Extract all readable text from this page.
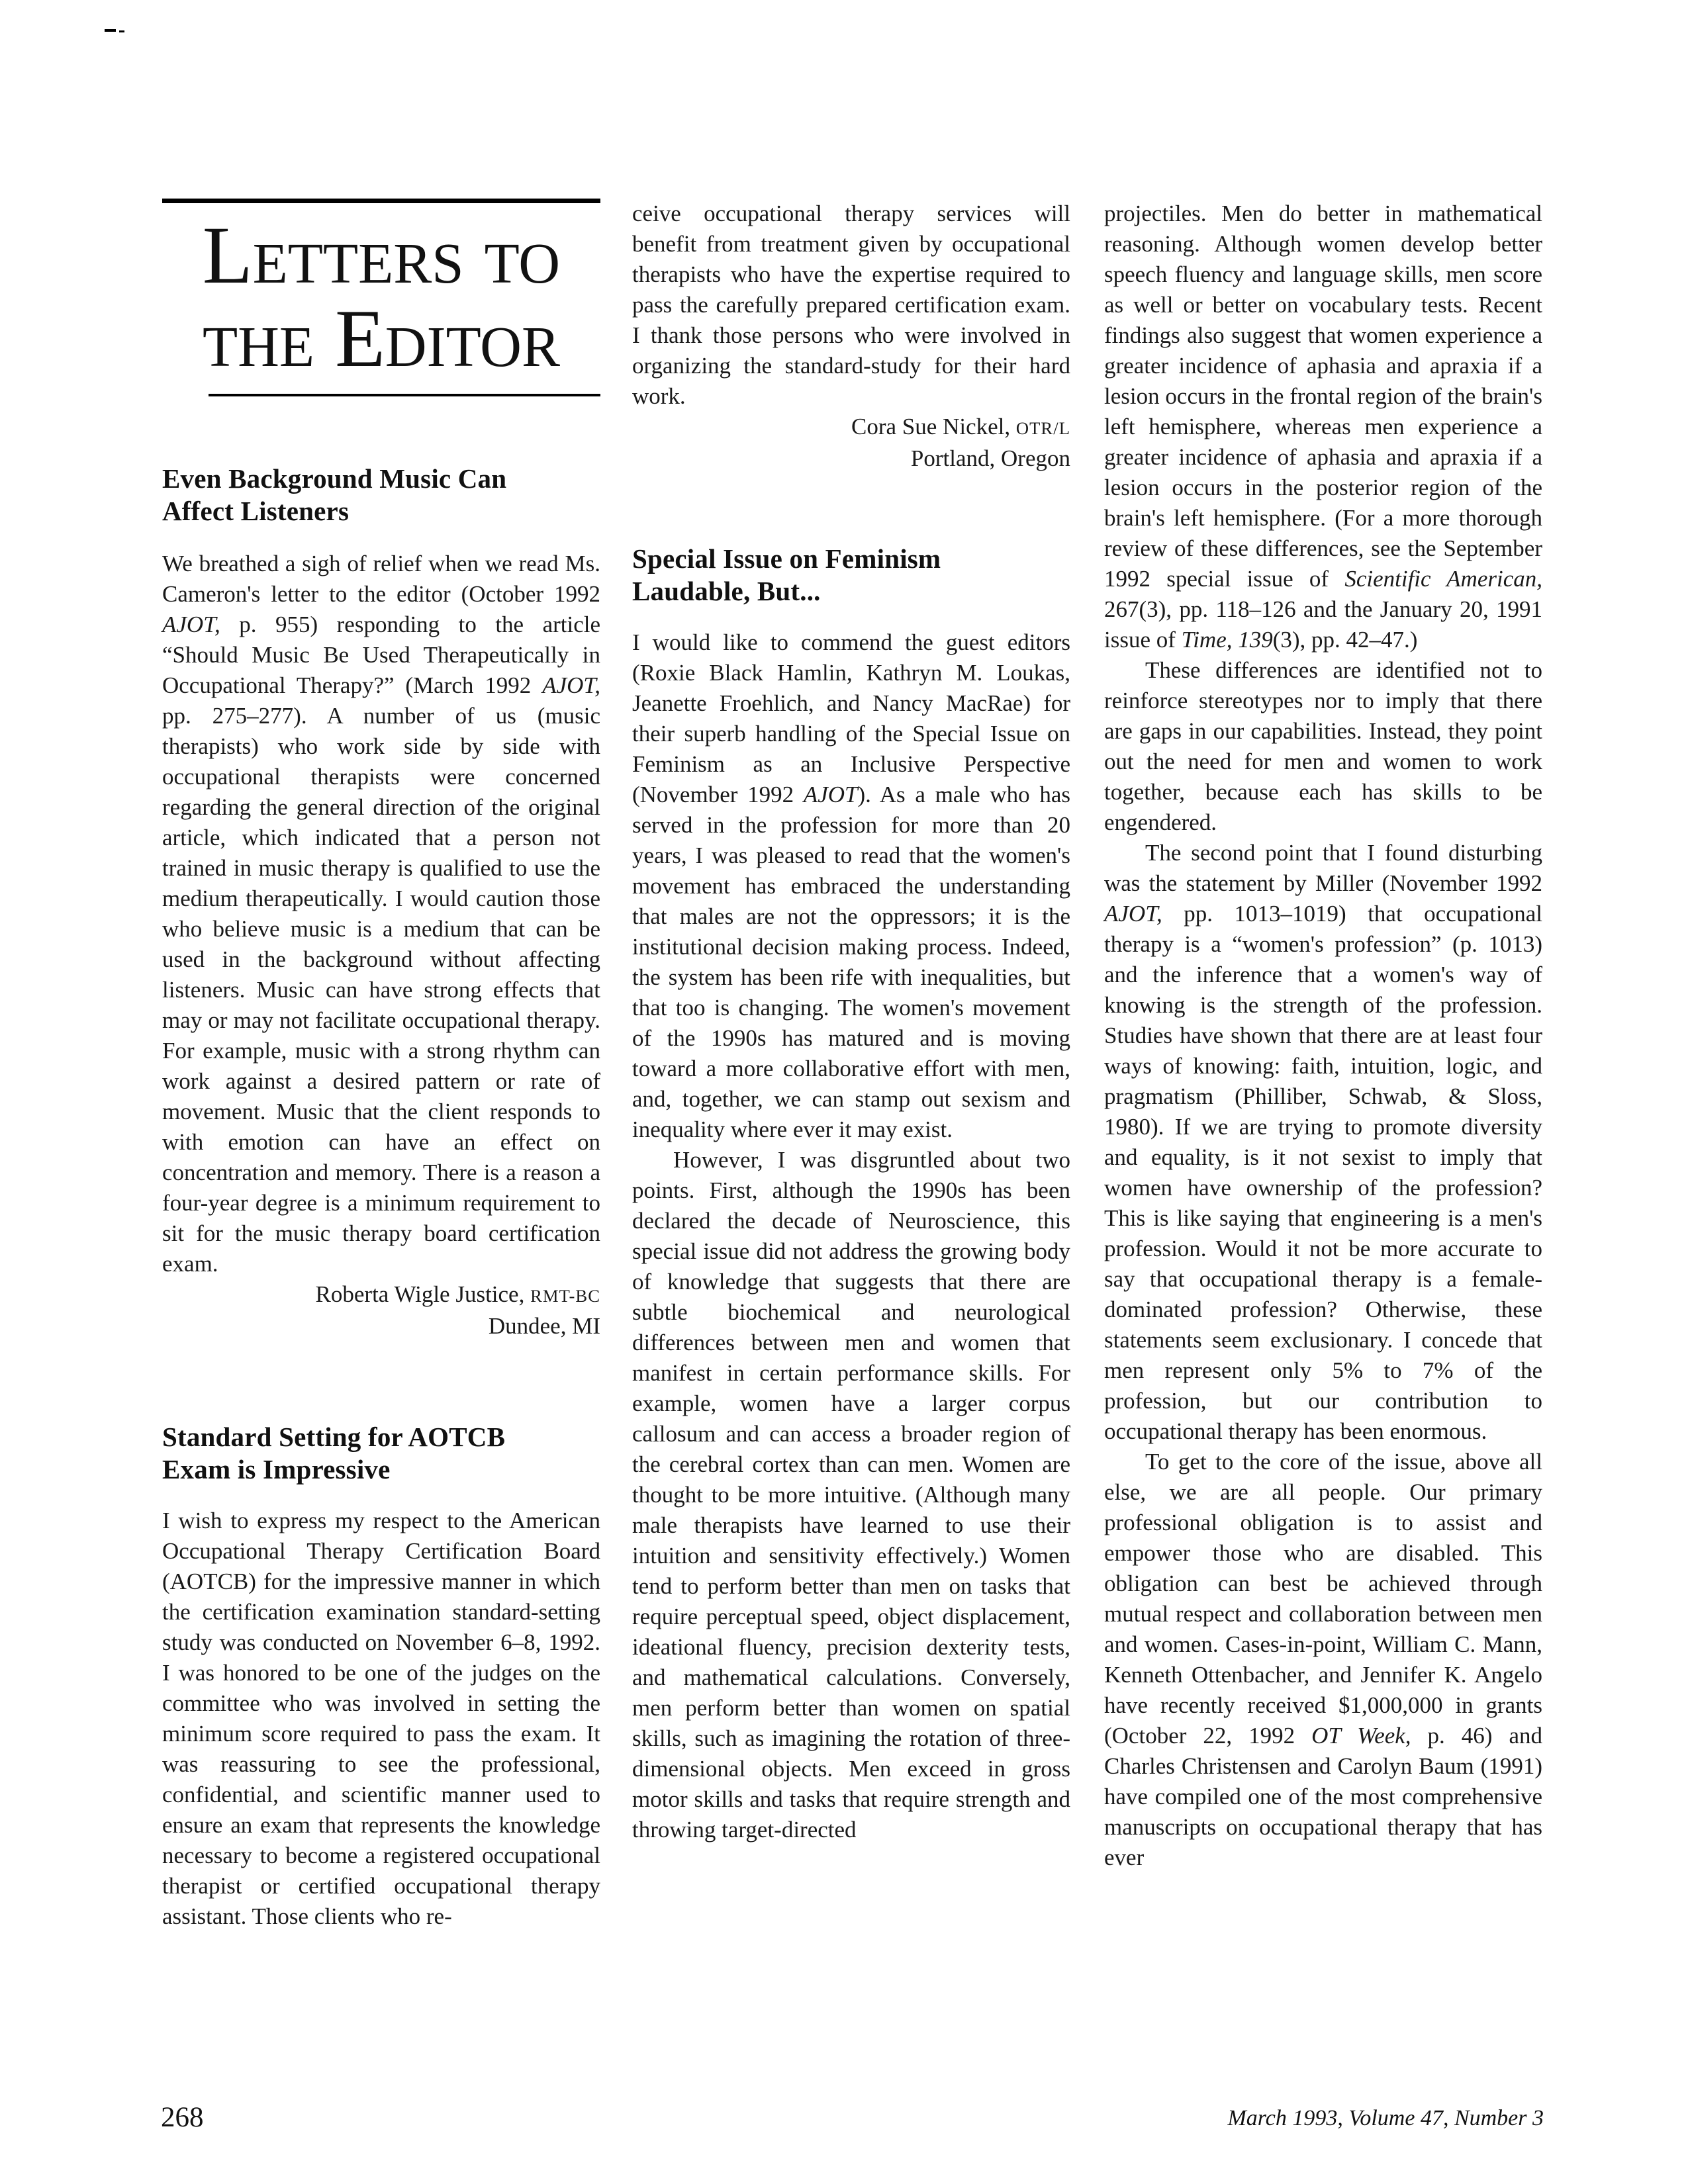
Letters to
the Editor
Even Background Music Can
Affect Listeners

We breathed a sigh of relief when we read Ms. Cameron's letter to the editor (October 1992 AJOT, p. 955) responding to the article “Should Music Be Used Therapeutically in Occupational Therapy?” (March 1992 AJOT, pp. 275–277). A number of us (music therapists) who work side by side with occupational therapists were concerned regarding the general direction of the original article, which indicated that a person not trained in music therapy is qualified to use the medium therapeutically. I would caution those who believe music is a medium that can be used in the background without affecting listeners. Music can have strong effects that may or may not facilitate occupational therapy. For example, music with a strong rhythm can work against a desired pattern or rate of movement. Music that the client responds to with emotion can have an effect on concentration and memory. There is a reason a four-year degree is a minimum requirement to sit for the music therapy board certification exam.

Roberta Wigle Justice, RMT-BC
Dundee, MI
Standard Setting for AOTCB
Exam is Impressive

I wish to express my respect to the American Occupational Therapy Certification Board (AOTCB) for the impressive manner in which the certification examination standard-setting study was conducted on November 6–8, 1992. I was honored to be one of the judges on the committee who was involved in setting the minimum score required to pass the exam. It was reassuring to see the professional, confidential, and scientific manner used to ensure an exam that represents the knowledge necessary to become a registered occupational therapist or certified occupational therapy assistant. Those clients who re-

ceive occupational therapy services will benefit from treatment given by occupational therapists who have the expertise required to pass the carefully prepared certification exam. I thank those persons who were involved in organizing the standard-study for their hard work.

Cora Sue Nickel, OTR/L
Portland, Oregon
Special Issue on Feminism
Laudable, But...

I would like to commend the guest editors (Roxie Black Hamlin, Kathryn M. Loukas, Jeanette Froehlich, and Nancy MacRae) for their superb handling of the Special Issue on Feminism as an Inclusive Perspective (November 1992 AJOT). As a male who has served in the profession for more than 20 years, I was pleased to read that the women's movement has embraced the understanding that males are not the oppressors; it is the institutional decision making process. Indeed, the system has been rife with inequalities, but that too is changing. The women's movement of the 1990s has matured and is moving toward a more collaborative effort with men, and, together, we can stamp out sexism and inequality where ever it may exist.

However, I was disgruntled about two points. First, although the 1990s has been declared the decade of Neuroscience, this special issue did not address the growing body of knowledge that suggests that there are subtle biochemical and neurological differences between men and women that manifest in certain performance skills. For example, women have a larger corpus callosum and can access a broader region of the cerebral cortex than can men. Women are thought to be more intuitive. (Although many male therapists have learned to use their intuition and sensitivity effectively.) Women tend to perform better than men on tasks that require perceptual speed, object displacement, ideational fluency, precision dexterity tests, and mathematical calculations. Conversely, men perform better than women on spatial skills, such as imagining the rotation of three-dimensional objects. Men exceed in gross motor skills and tasks that require strength and throwing target-directed

projectiles. Men do better in mathematical reasoning. Although women develop better speech fluency and language skills, men score as well or better on vocabulary tests. Recent findings also suggest that women experience a greater incidence of aphasia and apraxia if a lesion occurs in the frontal region of the brain's left hemisphere, whereas men experience a greater incidence of aphasia and apraxia if a lesion occurs in the posterior region of the brain's left hemisphere. (For a more thorough review of these differences, see the September 1992 special issue of Scientific American, 267(3), pp. 118–126 and the January 20, 1991 issue of Time, 139(3), pp. 42–47.)

These differences are identified not to reinforce stereotypes nor to imply that there are gaps in our capabilities. Instead, they point out the need for men and women to work together, because each has skills to be engendered.

The second point that I found disturbing was the statement by Miller (November 1992 AJOT, pp. 1013–1019) that occupational therapy is a “women's profession” (p. 1013) and the inference that a women's way of knowing is the strength of the profession. Studies have shown that there are at least four ways of knowing: faith, intuition, logic, and pragmatism (Philliber, Schwab, & Sloss, 1980). If we are trying to promote diversity and equality, is it not sexist to imply that women have ownership of the profession? This is like saying that engineering is a men's profession. Would it not be more accurate to say that occupational therapy is a female-dominated profession? Otherwise, these statements seem exclusionary. I concede that men represent only 5% to 7% of the profession, but our contribution to occupational therapy has been enormous.

To get to the core of the issue, above all else, we are all people. Our primary professional obligation is to assist and empower those who are disabled. This obligation can best be achieved through mutual respect and collaboration between men and women. Cases-in-point, William C. Mann, Kenneth Ottenbacher, and Jennifer K. Angelo have recently received $1,000,000 in grants (October 22, 1992 OT Week, p. 46) and Charles Christensen and Carolyn Baum (1991) have compiled one of the most comprehensive manuscripts on occupational therapy that has ever

268	March 1993, Volume 47, Number 3
